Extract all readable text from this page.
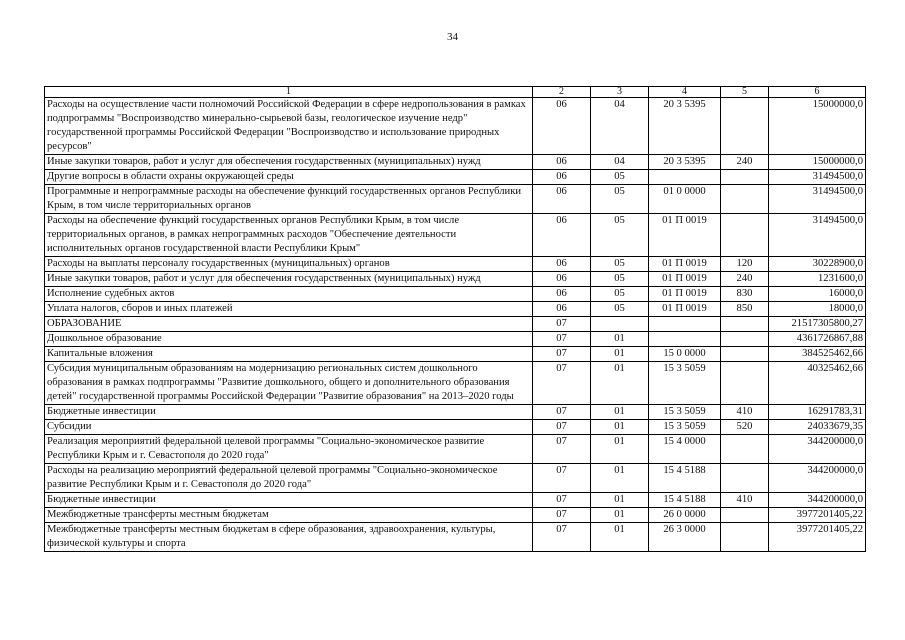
34
1	2	3	4	5	6
Расходы на осуществление части полномочий Российской Федерации в сфере недропользования в рамках подпрограммы "Воспроизводство минерально-сырьевой базы, геологическое изучение недр" государственной программы Российской Федерации "Воспроизводство и использование природных ресурсов"	06	04	20 3 5395		15000000,0
Иные закупки товаров, работ и услуг для обеспечения государственных (муниципальных) нужд	06	04	20 3 5395	240	15000000,0
Другие вопросы в области охраны окружающей среды	06	05			31494500,0
Программные и непрограммные расходы на обеспечение функций государственных органов Республики Крым, в том числе территориальных органов	06	05	01 0 0000		31494500,0
Расходы на обеспечение функций государственных органов Республики Крым, в том числе территориальных органов, в рамках непрограммных расходов "Обеспечение деятельности исполнительных органов государственной власти Республики Крым"	06	05	01 П 0019		31494500,0
Расходы на выплаты персоналу государственных (муниципальных) органов	06	05	01 П 0019	120	30228900,0
Иные закупки товаров, работ и услуг для обеспечения государственных (муниципальных) нужд	06	05	01 П 0019	240	1231600,0
Исполнение судебных актов	06	05	01 П 0019	830	16000,0
Уплата налогов, сборов и иных платежей	06	05	01 П 0019	850	18000,0
ОБРАЗОВАНИЕ	07				21517305800,27
Дошкольное образование	07	01			4361726867,88
Капитальные вложения	07	01	15 0 0000		384525462,66
Субсидия муниципальным образованиям на модернизацию региональных систем дошкольного образования в рамках подпрограммы "Развитие дошкольного, общего и дополнительного образования детей" государственной программы Российской Федерации "Развитие образования" на 2013–2020 годы	07	01	15 3 5059		40325462,66
Бюджетные инвестиции	07	01	15 3 5059	410	16291783,31
Субсидии	07	01	15 3 5059	520	24033679,35
Реализация мероприятий федеральной целевой программы "Социально-экономическое развитие Республики Крым и г. Севастополя до 2020 года"	07	01	15 4 0000		344200000,0
Расходы на реализацию мероприятий федеральной целевой программы "Социально-экономическое развитие Республики Крым и г. Севастополя до 2020 года"	07	01	15 4 5188		344200000,0
Бюджетные инвестиции	07	01	15 4 5188	410	344200000,0
Межбюджетные трансферты местным бюджетам	07	01	26 0 0000		3977201405,22
Межбюджетные трансферты местным бюджетам в сфере образования, здравоохранения, культуры, физической культуры и спорта	07	01	26 3 0000		3977201405,22
